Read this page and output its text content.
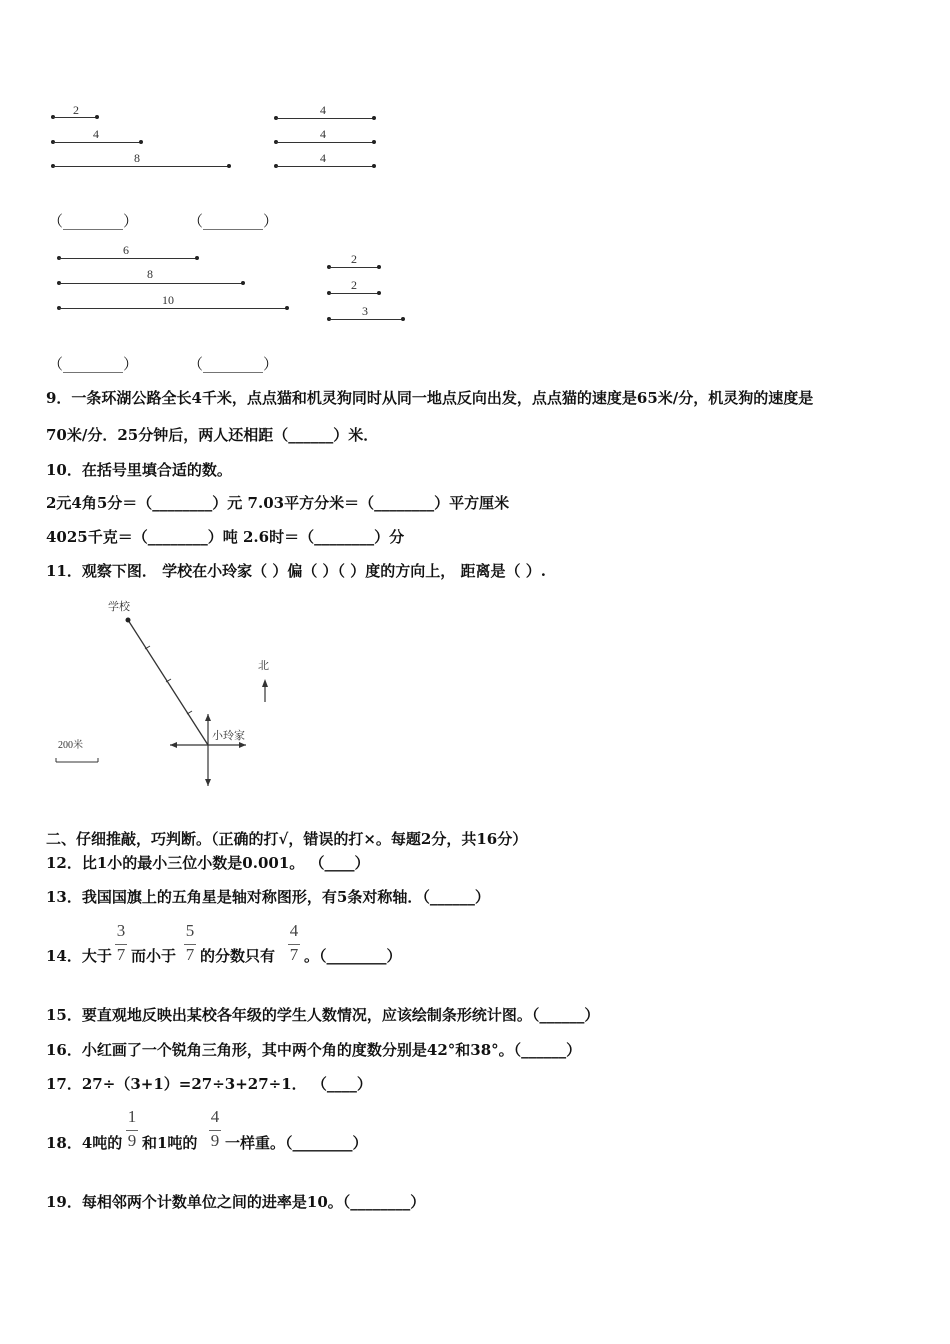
2
4
8
4
4
4
（________）	（________）
6
8
10
2
2
3
（________）	（________）
9．一条环湖公路全长4千米，点点猫和机灵狗同时从同一地点反向出发，点点猫的速度是65米/分，机灵狗的速度是
70米/分．25分钟后，两人还相距（______）米．
10．在括号里填合适的数。
2元4角5分＝（________）元 7.03平方分米＝（________）平方厘米
4025千克＝（________）吨 2.6时＝（________）分
11．观察下图． 学校在小玲家（ ）偏（ ）（ ）度的方向上， 距离是（ ）.
学校
北
小玲家
200米
二、仔细推敲，巧判断。（正确的打√，错误的打×。每题2分，共16分）
12．比1小的最小三位小数是0.001。 （____）
13．我国国旗上的五角星是轴对称图形，有5条对称轴．（______）
14．大于
3
7 而小于
5
7 的分数只有
4
7 。（________）
15．要直观地反映出某校各年级的学生人数情况，应该绘制条形统计图。（______）
16．小红画了一个锐角三角形，其中两个角的度数分别是42°和38°。（______）
17．27÷（3+1）=27÷3+27÷1． （____）
18．4吨的
1
9 和1吨的
4
9 一样重。（________）
19．每相邻两个计数单位之间的进率是10。（________）
